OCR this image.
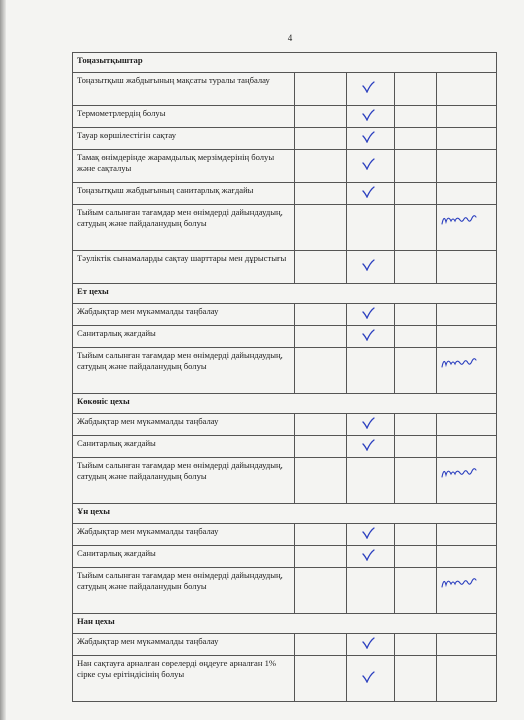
4
Тоңазытқыштар				
Тоңазытқыш жабдығының мақсаты туралы таңбалау		

Термометрлердің болуы		

Тауар көршілестігін сақтау		

Тамақ өнімдерінде жарамдылық мерзімдерінің болуы және сақталуы		

Тоңазытқыш жабдығының санитарлық жағдайы		

Тыйым салынған тағамдар мен өнімдерді дайындаудың, сатудың және пайдаланудың болуы				

Тәуліктік сынамаларды сақтау шарттары мен дұрыстығы		

Ет цехы				
Жабдықтар мен мүкәммалды таңбалау		

Санитарлық жағдайы		

Тыйым салынған тағамдар мен өнімдерді дайындаудың, сатудың және пайдаланудың болуы				

Көкөніс цехы				
Жабдықтар мен мүкәммалды таңбалау		

Санитарлық жағдайы		

Тыйым салынған тағамдар мен өнімдерді дайындаудың, сатудың және пайдаланудың болуы				

Ұн цехы				
Жабдықтар мен мүкәммалды таңбалау		

Санитарлық жағдайы		

Тыйым салынған тағамдар мен өнімдерді дайындаудың, сатудың және пайдаланудын болуы				

Нан цехы				
Жабдықтар мен мүкәммалды таңбалау		

Нан сақтауға арналған сөрелерді өңдеуге арналған 1% сірке суы ерітіндісінің болуы		
